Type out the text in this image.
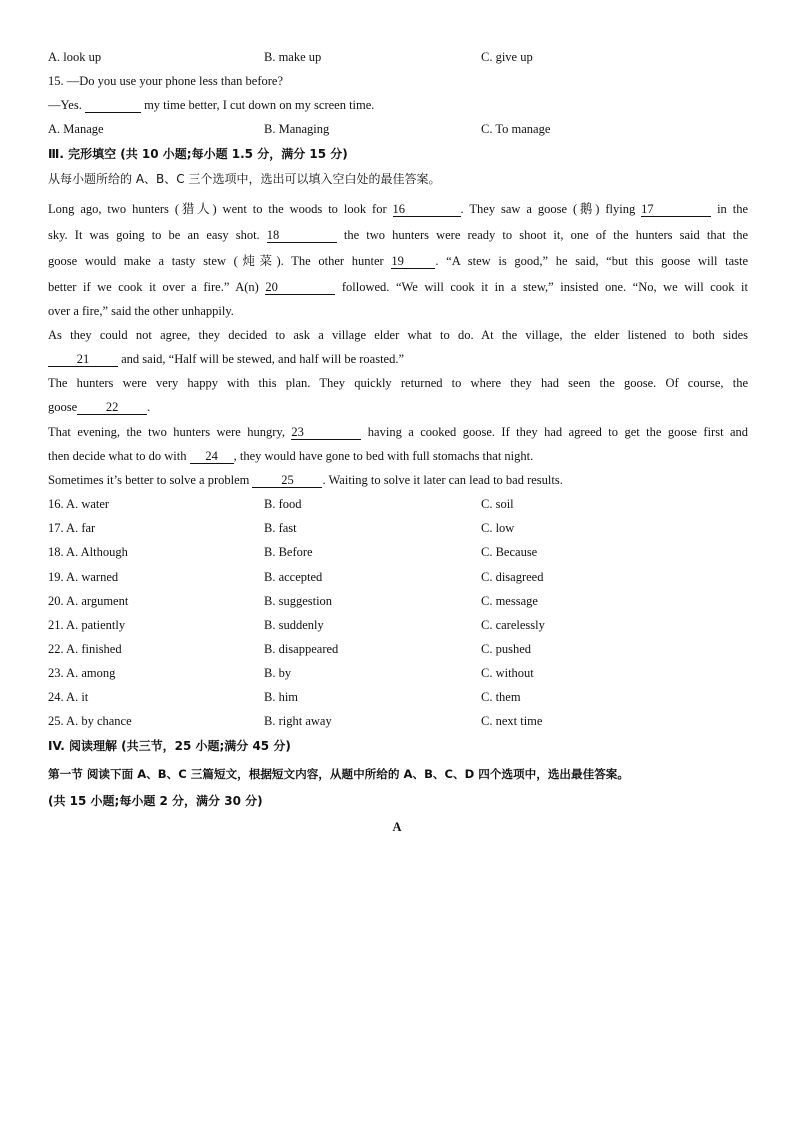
A. look up	B. make up	C. give up
15. —Do you use your phone less than before?
—Yes.	my time better, I cut down on my screen time.
A. Manage	B. Managing	C. To manage
Ⅲ. 完形填空 (共 10 小题;每小题 1.5 分，满分 15 分)
从每小题所给的 A、B、C 三个选项中，选出可以填入空白处的最佳答案。
Long ago, two hunters (猎人) went to the woods to look for 16	. They saw a goose (鹅) flying 17	in the
sky. It was going to be an easy shot. 18	the two hunters were ready to shoot it, one of the hunters said that the
goose would make a tasty stew (炖菜). The other hunter 19	. “A stew is good,” he said, “but this goose will taste
better if we cook it over a fire.” A(n) 20	followed. “We will cook it in a stew,” insisted one. “No, we will cook it
over a fire,” said the other unhappily.
As they could not agree, they decided to ask a village elder what to do. At the village, the elder listened to both sides
21 and said, “Half will be stewed, and half will be roasted.”
The hunters were very happy with this plan. They quickly returned to where they had seen the goose. Of course, the
goose 22 .
That evening, the two hunters were hungry, 23	having a cooked goose. If they had agreed to get the goose first and
then decide what to do with 24 , they would have gone to bed with full stomachs that night.
Sometimes it’s better to solve a problem 25 . Waiting to solve it later can lead to bad results.
16. A. water	B. food	C. soil
17. A. far	B. fast	C. low
18. A. Although	B. Before	C. Because
19. A. warned	B. accepted	C. disagreed
20. A. argument	B. suggestion	C. message
21. A. patiently	B. suddenly	C. carelessly
22. A. finished	B. disappeared	C. pushed
23. A. among	B. by	C. without
24. A. it	B. him	C. them
25. A. by chance	B. right away	C. next time
IV. 阅读理解 (共三节，25 小题;满分 45 分)
第一节 阅读下面 A、B、C 三篇短文，根据短文内容，从题中所给的 A、B、C、D 四个选项中，选出最佳答案。
(共 15 小题;每小题 2 分，满分 30 分)
A
